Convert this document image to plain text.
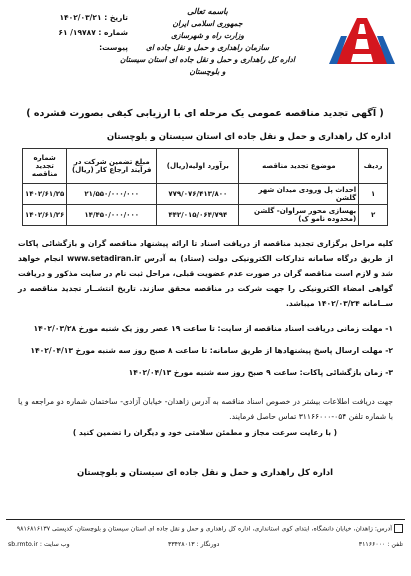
تاریخ : ۱۴۰۲/۰۳/۲۱
شماره : ۱۹۷۸۷/ ۶۱
پیوست:
باسمه تعالی
جمهوری اسلامی ایران
وزارت راه و شهرسازی
سازمان راهداری و حمل و نقل جاده ای
اداره کل راهداری و حمل و نقل جاده ای استان سیستان و بلوچستان
( آگهی تجدید مناقصه عمومی یک مرحله ای با ارزیابی کیفی بصورت فشرده )
اداره کل راهداری و حمل و نقل جاده ای استان سیستان و بلوچستان
ردیف	موضوع تجدید مناقصه	برآورد اولیه(ریال)	مبلغ تضمین شرکت در فرآیند ارجاع کار (ریال)	شماره تجدید مناقصه
۱	احداث پل ورودی میدان شهر گلشن	۷۷۹/۰۷۶/۴۱۳/۸۰۰	۲۱/۵۵۰/۰۰۰/۰۰۰	۱۴۰۲/۶۱/۲۵
۲	بهسازی محور سراوان- گلشن (محدوده نامو ک)	۴۴۲/۰۱۵/۰۶۴/۷۹۴	۱۴/۴۵۰/۰۰۰/۰۰۰	۱۴۰۲/۶۱/۲۶
کلیه مراحل برگزاری تجدید مناقصه از دریافت اسناد تا ارائه پیشنهاد مناقصه گران و بازگشائی پاکات از طریق درگاه سامانه تدارکات الکترونیکی دولت (ستاد) به آدرس www.setadiran.ir انجام خواهد شد و لازم است مناقصه گران در صورت عدم عضویت قبلی، مراحل ثبت نام در سایت مذکور و دریافت گواهی امضاء الکترونیکی را جهت شرکت در مناقصه محقق سازند. تاریخ انتشــار تجدید مناقصه در ســامانه ۱۴۰۲/۰۳/۲۴ میباشد.
۱- مهلت زمانی دریافت اسناد مناقصه از سایت: تا ساعت ۱۹ عصر روز یک شنبه مورخ ۱۴۰۲/۰۳/۲۸
۲- مهلت ارسال پاسخ پیشنهادها از طریق سامانه: تا ساعت ۸ صبح روز سه شنبه مورخ ۱۴۰۲/۰۴/۱۳
۳- زمان بازگشائی پاکات: ساعت ۹ صبح روز سه شنبه مورخ ۱۴۰۲/۰۴/۱۳
جهت دریافت اطلاعات بیشتر در خصوص اسناد مناقصه به آدرس زاهدان- خیابان آزادی- ساختمان شماره دو مراجعه و یا با شماره تلفن ۰۵۴-۳۱۱۶۶۰۰۰ تماس حاصل فرمایند.
( با رعایت سرعت مجاز و مطمئن سلامتی خود و دیگران را تضمین کنید )
اداره کل راهداری و حمل و نقل جاده ای سیستان و بلوچستان
آدرس: زاهدان، خیابان دانشگاه، ابتدای کوی استانداری، اداره کل راهداری و حمل و نقل جاده ای استان سیستان و بلوچستان، کدپستی ۹۸۱۶۸۱۶۱۳۷
تلفن : ۳۱۱۶۶۰۰۰
دورنگار : ۳۳۴۲۸۰۱۳
وب سایت : sb.rmto.ir
